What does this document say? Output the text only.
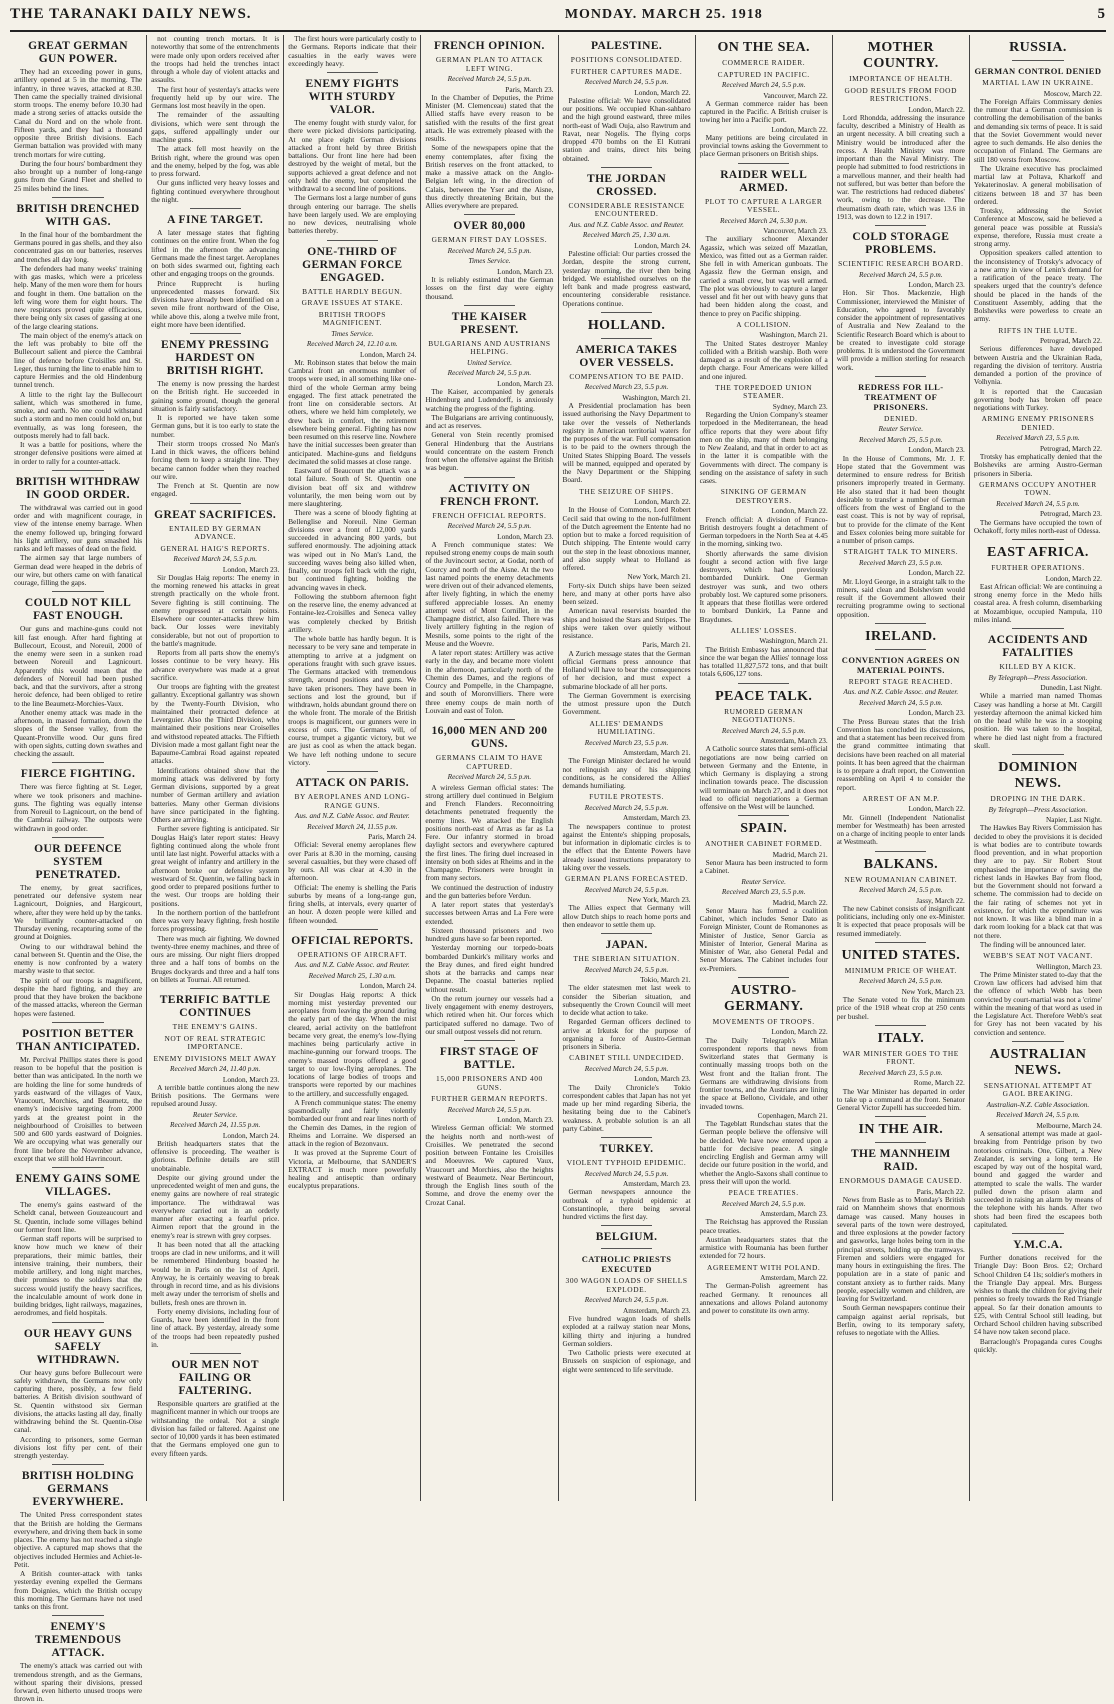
THE TARANAKI DAILY NEWS.	MONDAY. MARCH 25. 1918	5
GREAT GERMAN GUN POWER.

They had an exceeding power in guns, artillery opened at 5 in the morning. The infantry, in three waves, attacked at 8.30. Then came the specially trained divisional storm troops. The enemy before 10.30 had made a strong series of attacks outside the Canal du Nord and on the whole front. Fifteen yards, and they had a thousand opposite three British divisions. Each German battalion was provided with many trench mortars for wire cutting.

During the four hours' bombardment they also brought up a number of long-range guns from the Grand Fleet and shelled to 25 miles behind the lines.

BRITISH DRENCHED WITH GAS.

In the final hour of the bombardment the Germans poured in gas shells, and they also concentrated gas on our batteries, reserves and trenches all day long.

The defenders had many weeks' training with gas masks, which were a priceless help. Many of the men wore them for hours and fought in them. One battalion on the left wing wore them for eight hours. The new respirators proved quite efficacious, there being only six cases of gassing at one of the large clearing stations.

The main object of the enemy's attack on the left was probably to bite off the Bullecourt salient and pierce the Cambrai line of defence before Croisilles and St. Leger, thus turning the line to enable him to capture Hermies and the old Hindenburg tunnel trench.

A little to the right lay the Bullecourt salient, which was smothered in fume, smoke, and earth. No one could withstand such a storm and no men could hold on, but eventually, as was long foreseen, the outposts merely had to fall back.

It was a battle for positions, where the stronger defensive positions were aimed at in order to rally for a counter-attack.

BRITISH WITHDRAW IN GOOD ORDER.

The withdrawal was carried out in good order and with magnificent courage, in view of the intense enemy barrage. When the enemy followed up, bringing forward his light artillery, our guns smashed his ranks and left masses of dead on the field.

The airmen say that large numbers of German dead were heaped in the debris of our wire, but others came on with fanatical courage, filling the gaps.

COULD NOT KILL FAST ENOUGH.

Our guns and machine-guns could not kill fast enough. After hard fighting at Bullecourt, Ecoust, and Noreuil, 2000 of the enemy were seen in a sunken road between Noreuil and Lagnicourt. Apparently this would mean that the defenders of Noreuil had been pushed back, and that the survivors, after a strong heroic defence, had been obliged to retire to the line Beaumetz-Morchies-Vaux.

Another enemy attack was made in the afternoon, in massed formation, down the slopes of the Sensee valley, from the Queant-Pronville wood. Our guns fired with open sights, cutting down swathes and checking the assault.

FIERCE FIGHTING.

There was fierce fighting at St. Leger, where we took prisoners and machine-guns. The fighting was equally intense from Noreuil to Lagnicourt, on the bend of the Cambrai railway. The outposts were withdrawn in good order.

OUR DEFENCE SYSTEM PENETRATED.

The enemy, by great sacrifices, penetrated our defensive system near Lagnicourt, Doignies, and Hargicourt, where, after they were held up by the tanks. We brilliantly counter-attacked on Thursday evening, recapturing some of the ground at Doignies.

Owing to our withdrawal behind the canal between St. Quentin and the Oise, the enemy is now confronted by a watery marshy waste to that sector.

The spirit of our troops is magnificent, despite the hard fighting, and they are proud that they have broken the backbone of the massed attacks, whereon the German hopes were fastened.

POSITION BETTER THAN ANTICIPATED.

Mr. Percival Phillips states there is good reason to be hopeful that the position is better than was anticipated. In the north we are holding the line for some hundreds of yards eastward of the villages of Vaux, Vraucourt, Morchies, and Beaumetz, the enemy's indecisive targeting from 2000 yards at the greatest point in the neighbourhood of Croisilles to between 500 and 600 yards eastward of Doignies. We are occupying what was generally our front line before the November advance, except that we still hold Havrincourt.

ENEMY GAINS SOME VILLAGES.

The enemy's gains eastward of the Scheldt canal, between Gouzeaucourt and St. Quentin, include some villages behind our former front line.

German staff reports will be surprised to know how much we knew of their preparations, their mimic battles, their intensive training, their numbers, their mobile artillery, and long night marches, their promises to the soldiers that the success would justify the heavy sacrifices, the incalculable amount of work done in building bridges, light railways, magazines, aerodromes, and field hospitals.

OUR HEAVY GUNS SAFELY WITHDRAWN.

Our heavy guns before Bullecourt were safely withdrawn, the Germans now only capturing there, possibly, a few field batteries. A British division southward of St. Quentin withstood six German divisions, the attacks lasting all day, finally withdrawing behind the St. Quentin-Oise canal.

According to prisoners, some German divisions lost fifty per cent. of their strength yesterday.

BRITISH HOLDING GERMANS EVERYWHERE.

The United Press correspondent states that the British are holding the Germans everywhere, and driving them back in some places. The enemy has not reached a single objective. A captured map shows that the objectives included Hermies and Achiet-le-Petit.

A British counter-attack with tanks yesterday evening expelled the Germans from Doignies, which the British occupy this morning. The Germans have not used tanks on this front.

ENEMY'S TREMENDOUS ATTACK.

The enemy's attack was carried out with tremendous strength, and as the Germans, without sparing their divisions, pressed forward, even hitherto unused troops were thrown in.

not counting trench mortars. It is noteworthy that some of the entrenchments were made only upon orders received after the troops had held the trenches intact through a whole day of violent attacks and assaults.

The first hour of yesterday's attacks were frequently held up by our wire. The Germans lost most heavily in the open.

The remainder of the assaulting divisions, which were sent through the gaps, suffered appallingly under our machine guns.

The attack fell most heavily on the British right, where the ground was open and the enemy, helped by the fog, was able to press forward.

Our guns inflicted very heavy losses and fighting continued everywhere throughout the night.

A FINE TARGET.

A later message states that fighting continues on the entire front. When the fog lifted in the afternoon the advancing Germans made the finest target. Aeroplanes on both sides swarmed out, fighting each other and engaging troops on the grounds.

Prince Rupprecht is hurling unprecedented masses forward. Six divisions have already been identified on a seven mile front northward of the Oise, while above this, along a twelve mile front, eight more have been identified.

ENEMY PRESSING HARDEST ON BRITISH RIGHT.

The enemy is now pressing the hardest on the British right. He succeeded in gaining some ground, though the general situation is fairly satisfactory.

It is reported we have taken some German guns, but it is too early to state the number.

Their storm troops crossed No Man's Land in thick waves, the officers behind forcing them to keep a straight line. They became cannon fodder when they reached our wire.

The French at St. Quentin are now engaged.

GREAT SACRIFICES.
ENTAILED BY GERMAN ADVANCE.
GENERAL HAIG'S REPORTS.
Received March 24, 5.5 p.m.
London, March 23.

Sir Douglas Haig reports: The enemy in the morning renewed his attacks in great strength practically on the whole front. Severe fighting is still continuing. The enemy progressed at certain points. Elsewhere our counter-attacks threw him back. Our losses were inevitably considerable, but not out of proportion to the battle's magnitude.

Reports from all parts show the enemy's losses continue to be very heavy. His advance everywhere was made at a great sacrifice.

Our troops are fighting with the greatest gallantry. Exceptional gallantry was shown by the Twenty-Fourth Division, who maintained their protracted defence at Leverguier. Also the Third Division, who maintained their positions near Croiselles and withstood repeated attacks. The Fiftieth Division made a most gallant fight near the Bapaume-Cambrai Road against repeated attacks.

Identifications obtained show that the morning attack was delivered by forty German divisions, supported by a great number of German artillery and aviation batteries. Many other German divisions have since participated in the fighting. Others are arriving.

Further severe fighting is anticipated. Sir Douglas Haig's later report states: Heavy fighting continued along the whole front until late last night. Powerful attacks with a great weight of infantry and artillery in the afternoon broke our defensive system westward of St. Quentin, we falling back in good order to prepared positions further to the west. Our troops are holding their positions.

In the northern portion of the battlefront there was very heavy fighting, fresh hostile forces progressing.

There was much air fighting. We downed twenty-three enemy machines, and three of ours are missing. Our night fliers dropped three and a half tons of bombs on the Bruges dockyards and three and a half tons on billets at Tournai. All returned.

TERRIFIC BATTLE CONTINUES
THE ENEMY'S GAINS.
NOT OF REAL STRATEGIC IMPORTANCE.
ENEMY DIVISIONS MELT AWAY
Received March 24, 11.40 p.m.
London, March 23.

A terrible battle continues along the new British positions. The Germans were repulsed around Jussy.

Reuter Service.
Received March 24, 11.55 p.m.
London, March 24.

British headquarters states that the offensive is proceeding. The weather is glorious. Definite details are still unobtainable.

Despite our giving ground under the unprecedented weight of men and guns, the enemy gains are nowhere of real strategic importance. The withdrawal was everywhere carried out in an orderly manner after exacting a fearful price. Airmen report that the ground in the enemy's rear is strewn with grey corpses.

It has been noted that all the attacking troops are clad in new uniforms, and it will be remembered Hindenburg boasted he would be in Paris on the 1st of April. Anyway, he is certainly weaving to break through in record time, and as his divisions melt away under the terrorism of shells and bullets, fresh ones are thrown in.

Forty enemy divisions, including four of Guards, have been identified in the front line of attack. By yesterday, already some of the troops had been repeatedly pushed in.

OUR MEN NOT FAILING OR FALTERING.

Responsible quarters are gratified at the magnificent manner in which our troops are withstanding the ordeal. Not a single division has failed or faltered. Against one sector of 10,000 yards it has been estimated that the Germans employed one gun to every fifteen yards.

The first hours were particularly costly to the Germans. Reports indicate that their casualties in the early waves were exceedingly heavy.

ENEMY FIGHTS WITH STURDY VALOR.

The enemy fought with sturdy valor, for there were picked divisions participating. At one place eight German divisions attacked a front held by three British battalions. Our front line here had been destroyed by the weight of metal, but the supports achieved a great defence and not only held the enemy, but completed the withdrawal to a second line of positions.

The Germans lost a large number of guns through entering our barrage. The shells have been largely used. We are employing no new devices, neutralising whole batteries thereby.

ONE-THIRD OF GERMAN FORCE ENGAGED.
BATTLE HARDLY BEGUN.
GRAVE ISSUES AT STAKE.
BRITISH TROOPS MAGNIFICENT.
Times Service.
Received March 24, 12.10 a.m.
London, March 24.

Mr. Robinson states that below the main Cambrai front an enormous number of troops were used, in all something like one-third of the whole German army being engaged. The first attack penetrated the front line on considerable sectors. At others, where we held him completely, we drew back in comfort, the retirement elsewhere being general. Fighting has now been resumed on this reserve line. Nowhere have the initial successes been greater than anticipated. Machine-guns and fieldguns decimated the solid masses at close range.

Eastward of Beaucourt the attack was a total failure. South of St. Quentin one division beat off six and withdrew voluntarily, the men being worn out by mere slaughtering.

There was a scene of bloody fighting at Bellenglise and Noreuil. Nine German divisions over a front of 12,000 yards succeeded in advancing 800 yards, but suffered enormously. The adjoining attack was wiped out in No Man's Land, the succeeding waves being also killed when, finally, our troops fell back with the right, but continued fighting, holding the advancing waves in check.

Following the stubborn afternoon fight on the reserve line, the enemy advanced at Fontaine-lez-Croisilles and Seneca valley was completely checked by British artillery.

The whole battle has hardly begun. It is necessary to be very sane and temperate in attempting to arrive at a judgment on operations fraught with such grave issues. The Germans attacked with tremendous strength, around positions and guns. We have taken prisoners. They have been in sections and lost the ground, but if withdrawn, holds abundant ground there on the whole front. The morale of the British troops is magnificent, our gunners were in excess of ours. The Germans will, of course, trumpet a gigantic victory, but we are just as cool as when the attack began. We have left nothing undone to secure victory.

ATTACK ON PARIS.
BY AEROPLANES AND LONG-RANGE GUNS.
Aus. and N.Z. Cable Assoc. and Reuter.
Received March 24, 11.55 p.m.
Paris, March 24.

Official: Several enemy aeroplanes flew over Paris at 8.30 in the morning, causing several casualties, but they were chased off by ours. All was clear at 4.30 in the afternoon.

Official: The enemy is shelling the Paris suburbs by means of a long-range gun, firing shells, at intervals, every quarter of an hour. A dozen people were killed and fifteen wounded.

OFFICIAL REPORTS.
OPERATIONS OF AIRCRAFT.
Aus. and N.Z. Cable Assoc. and Reuter.
Received March 25, 1.30 a.m.
London, March 24.

Sir Douglas Haig reports: A thick morning mist yesterday prevented our aeroplanes from leaving the ground during the early part of the day. When the mist cleared, aerial activity on the battlefront became very great, the enemy's low-flying machines being particularly active in machine-gunning our forward troops. The enemy's massed troops offered a good target to our low-flying aeroplanes. The locations of large bodies of troops and transports were reported by our machines to the artillery, and successfully engaged.

A French communique states: The enemy spasmodically and fairly violently bombarded our front and rear lines north of the Chemin des Dames, in the region of Rheims and Lorraine. We dispersed an attack in the region of Bezonvaux.

It was proved at the Supreme Court of Victoria, at Melbourne, that SANDER'S EXTRACT is much more powerfully healing and antiseptic than ordinary eucalyptus preparations.

FRENCH OPINION.
GERMAN PLAN TO ATTACK LEFT WING.
Received March 24, 5.5 p.m.
Paris, March 23.

In the Chamber of Deputies, the Prime Minister (M. Clemenceau) stated that the Allied staffs have every reason to be satisfied with the results of the first great attack. He was extremely pleased with the results.

Some of the newspapers opine that the enemy contemplates, after fixing the British reserves on the front attacked, to make a massive attack on the Anglo-Belgian left wing, in the direction of Calais, between the Yser and the Aisne, thus directly threatening Britain, but the Allies everywhere are prepared.

OVER 80,000
GERMAN FIRST DAY LOSSES.
Received March 24, 5.5 p.m.
Times Service.
London, March 23.

It is reliably estimated that the German losses on the first day were eighty thousand.

THE KAISER PRESENT.
BULGARIANS AND AUSTRIANS HELPING.
United Service.
Received March 24, 5.5 p.m.
London, March 23.

The Kaiser, accompanied by generals Hindenburg and Ludendorff, is anxiously watching the progress of the fighting.

The Bulgarians are arriving continuously, and act as reserves.

General von Stein recently promised General Hindenburg that the Austrians would concentrate on the eastern French front when the offensive against the British was begun.

ACTIVITY ON FRENCH FRONT.
FRENCH OFFICIAL REPORTS.
Received March 24, 5.5 p.m.
London, March 23.

A French communique states: We repulsed strong enemy coups de main south of the Juvincourt sector, at Godat, north of Courcy and north of the Aisne. At the two last named points the enemy detachments were driven out of their advanced elements, after lively fighting, in which the enemy suffered appreciable losses. An enemy attempt west of Mont Cornillet, in the Champagne district, also failed. There was lively artillery fighting in the region of Mesnils, some points to the right of the Meuse and the Woevre.

A later report states: Artillery was active early in the day, and became more violent in the afternoon, particularly north of the Chemin des Dames, and the regions of Courcy and Pompelle, in the Champagne, and south of Moronvilliers. There were three enemy coups de main north of Louvain and east of Tolon.

16,000 MEN AND 200 GUNS.
GERMANS CLAIM TO HAVE CAPTURED.
Received March 24, 5.5 p.m.

A wireless German official states: The strong artillery duel continued in Belgium and French Flanders. Reconnoitring detachments penetrated frequently the enemy lines. We attacked the English positions north-east of Arras as far as La Fere. Our infantry stormed in broad daylight sectors and everywhere captured the first lines. The firing duel increased in intensity on both sides at Rheims and in the Champagne. Prisoners were brought in from many sectors.

We continued the destruction of industry and the gun batteries before Verdun.

A later report states that yesterday's successes between Arras and La Fere were extended.

Sixteen thousand prisoners and two hundred guns have so far been reported.

Yesterday morning our torpedo-boats bombarded Dunkirk's military works and the Bray dunes, and fired eight hundred shots at the barracks and camps near Depanne. The coastal batteries replied without result.

On the return journey our vessels had a lively engagement with enemy destroyers, which retired when hit. Our forces which participated suffered no damage. Two of our small outpost vessels did not return.

FIRST STAGE OF BATTLE.
15,000 PRISONERS AND 400 GUNS.
FURTHER GERMAN REPORTS.
Received March 24, 5.5 p.m.
London, March 23.

Wireless German official: We stormed the heights north and north-west of Croisilles. We penetrated the second position between Fontaine les Croisilles and Moeuvres. We captured Vaux, Vraucourt and Morchies, also the heights westward of Beaumetz. Near Bertincourt, through the English lines south of the Somme, and drove the enemy over the Crozat Canal.

PALESTINE.
POSITIONS CONSOLIDATED.
FURTHER CAPTURES MADE.
Received March 24, 5.5 p.m.
London, March 22.

Palestine official: We have consolidated our positions. We occupied Khan-sahbaro and the high ground eastward, three miles north-east of Wadi Ouja, also Rawtrum and Ravat, near Nogelis. The flying corps dropped 470 bombs on the El Kutrani station and trains, direct hits being obtained.

THE JORDAN CROSSED.
CONSIDERABLE RESISTANCE ENCOUNTERED.
Aus. and N.Z. Cable Assoc. and Reuter.
Received March 25, 1.30 a.m.
London, March 24.

Palestine official: Our parties crossed the Jordan, despite the strong current, yesterday morning, the river then being bridged. We established ourselves on the left bank and made progress eastward, encountering considerable resistance. Operations continue.

HOLLAND.
AMERICA TAKES OVER VESSELS.
COMPENSATION TO BE PAID.
Received March 23, 5.5 p.m.
Washington, March 21.

A Presidential proclamation has been issued authorising the Navy Department to take over the vessels of Netherlands registry in American territorial waters for the purposes of the war. Full compensation is to be paid to the owners through the United States Shipping Board. The vessels will be manned, equipped and operated by the Navy Department or the Shipping Board.

THE SEIZURE OF SHIPS.
London, March 22.

In the House of Commons, Lord Robert Cecil said that owing to the non-fulfilment of the Dutch agreement the Entente had no option but to make a forced requisition of Dutch shipping. The Entente would carry out the step in the least obnoxious manner, and also supply wheat to Holland as offered.

New York, March 21.

Forty-six Dutch ships have been seized here, and many at other ports have also been seized.

American naval reservists boarded the ships and hoisted the Stars and Stripes. The ships were taken over quietly without resistance.

Paris, March 21.

A Zurich message states that the German official Germans press announce that Holland will have to bear the consequences of her decision, and must expect a submarine blockade of all her ports.

The German Government is exercising the utmost pressure upon the Dutch Government.

ALLIES' DEMANDS HUMILIATING.
Received March 23, 5.5 p.m.
Amsterdam, March 21.

The Foreign Minister declared he would not relinquish any of his shipping conditions, as he considered the Allies' demands humiliating.

FUTILE PROTESTS.
Received March 24, 5.5 p.m.
Amsterdam, March 23.

The newspapers continue to protest against the Entente's shipping proposals, but information in diplomatic circles is to the effect that the Entente Powers have already issued instructions preparatory to taking over the vessels.

GERMAN PLANS FORECASTED.
Received March 24, 5.5 p.m.
New York, March 23.

The Allies expect that Germany will allow Dutch ships to reach home ports and then endeavor to settle them up.

JAPAN.
THE SIBERIAN SITUATION.
Received March 24, 5.5 p.m.
Tokio, March 21.

The elder statesmen met last week to consider the Siberian situation, and subsequently the Crown Council will meet to decide what action to take.

Regarded German officers declined to arrive at Irkutsk for the purpose of organising a force of Austro-German prisoners in Siberia.

CABINET STILL UNDECIDED.
Received March 24, 5.5 p.m.
London, March 23.

The Daily Chronicle's Tokio correspondent cables that Japan has not yet made up her mind regarding Siberia, the hesitating being due to the Cabinet's weakness. A probable solution is an all party Cabinet.

TURKEY.
VIOLENT TYPHOID EPIDEMIC.
Received March 24, 5.5 p.m.
Amsterdam, March 23.

German newspapers announce the outbreak of a typhoid epidemic at Constantinople, there being several hundred victims the first day.

BELGIUM.
CATHOLIC PRIESTS EXECUTED
300 WAGON LOADS OF SHELLS EXPLODE.
Received March 24, 5.5 p.m.
Amsterdam, March 23.

Five hundred wagon loads of shells exploded at a railway station near Mons, killing thirty and injuring a hundred German soldiers.

Two Catholic priests were executed at Brussels on suspicion of espionage, and eight were sentenced to life servitude.

ON THE SEA.
COMMERCE RAIDER.
CAPTURED IN PACIFIC.
Received March 24, 5.5 p.m.
Vancouver, March 22.

A German commerce raider has been captured in the Pacific. A British cruiser is towing her into a Pacific port.

London, March 22.

Many petitions are being circulated in provincial towns asking the Government to place German prisoners on British ships.

RAIDER WELL ARMED.
PLOT TO CAPTURE A LARGER VESSEL.
Received March 24, 5.30 p.m.
Vancouver, March 23.

The auxiliary schooner Alexander Agassiz, which was seized off Mazatlan, Mexico, was fitted out as a German raider. She fell in with American gunboats. The Agassiz flew the German ensign, and carried a small crew, but was well armed. The plot was obviously to capture a larger vessel and fit her out with heavy guns that had been hidden along the coast, and thence to prey on Pacific shipping.

A COLLISION.
Washington, March 21.

The United States destroyer Manley collided with a British warship. Both were damaged as a result of the explosion of a depth charge. Four Americans were killed and one injured.

THE TORPEDOED UNION STEAMER.
Sydney, March 23.

Regarding the Union Company's steamer torpedoed in the Mediterranean, the head office reports that they were about fifty men on the ship, many of them belonging to New Zealand, and that in order to act as in the latter it is compatible with the Governments with direct. The company is sending on the assistance of safety in such cases.

SINKING OF GERMAN DESTROYERS.
London, March 22.

French official: A division of Franco-British destroyers fought a detachment of German torpedoers in the North Sea at 4.45 in the morning, sinking two.

Shortly afterwards the same division fought a second action with five large destroyers, which had previously bombarded Dunkirk. One German destroyer was sunk, and two others probably lost. We captured some prisoners. It appears that these flotillas were ordered to bombard Dunkirk, La Panne and Braydunes.

ALLIES' LOSSES.
Washington, March 21.

The British Embassy has announced that since the war began the Allies' tonnage loss has totalled 11,827,572 tons, and that built totals 6,606,127 tons.

PEACE TALK.
RUMORED GERMAN NEGOTIATIONS.
Received March 24, 5.5 p.m.
Amsterdam, March 23.

A Catholic source states that semi-official negotiations are now being carried on between Germany and the Entente, in which Germany is displaying a strong inclination towards peace. The discussion will terminate on March 27, and it does not lead to official negotiations a German offensive on the West will be launched.

SPAIN.
ANOTHER CABINET FORMED.
Madrid, March 21.

Senor Maura has been instructed to form a Cabinet.

Reuter Service.
Received March 23, 5.5 p.m.
Madrid, March 22.

Senor Maura has formed a coalition Cabinet, which includes Senor Dato as Foreign Minister, Count de Romanones as Minister of Justice, Senor Garcia as Minister of Interior, General Marina as Minister of War, also General Pedal and Senor Moraes. The Cabinet includes four ex-Premiers.

AUSTRO-GERMANY.
MOVEMENTS OF TROOPS.
London, March 22.

The Daily Telegraph's Milan correspondent reports that news from Switzerland states that Germany is continually massing troops both on the West front and the Italian front. The Germans are withdrawing divisions from frontier towns, and the Austrians are lining the space at Bellono, Cividale, and other invaded towns.

Copenhagen, March 21.

The Tageblatt Rundschau states that the German people believe the offensive will be decided. We have now entered upon a battle for decisive peace. A single encircling English and German army will decide our future position in the world, and whether the Anglo-Saxons shall continue to press their will upon the world.

PEACE TREATIES.
Received March 24, 5.5 p.m.
Amsterdam, March 23.

The Reichstag has approved the Russian peace treaties.

Austrian headquarters states that the armistice with Roumania has been further extended for 72 hours.

AGREEMENT WITH POLAND.
Amsterdam, March 22.

The German-Polish agreement has reached Germany. It renounces all annexations and allows Poland autonomy and power to constitute its own army.

MOTHER COUNTRY.
IMPORTANCE OF HEALTH.
GOOD RESULTS FROM FOOD RESTRICTIONS.
London, March 22.

Lord Rhondda, addressing the insurance faculty, described a Ministry of Health as an urgent necessity. A bill creating such a Ministry would be introduced after the recess. A Health Ministry was more important than the Naval Ministry. The people had submitted to food restrictions in a marvellous manner, and their health had not suffered, but was better than before the war. The restrictions had reduced diabetes' work, owing to the decrease. The rheumatism death rate, which was 13.6 in 1913, was down to 12.2 in 1917.

COLD STORAGE PROBLEMS.
SCIENTIFIC RESEARCH BOARD.
Received March 24, 5.5 p.m.
London, March 23.

Hon. Sir Thos. Mackenzie, High Commissioner, interviewed the Minister of Education, who agreed to favorably consider the appointment of representatives of Australia and New Zealand to the Scientific Research Board which is about to be created to investigate cold storage problems. It is understood the Government will provide a million sterling for research work.

REDRESS FOR ILL-TREATMENT OF PRISONERS.
DENIED.
Reuter Service.
Received March 25, 5.5 p.m.
London, March 23.

In the House of Commons, Mr. J. F. Hope stated that the Government was determined to ensure redress for British prisoners improperly treated in Germany. He also stated that it had been thought desirable to transfer a number of German officers from the west of England to the east coast. This is not by way of reprisal, but to provide for the climate of the Kent and Essex colonies being more suitable for a number of prison camps.

STRAIGHT TALK TO MINERS.
Received March 23, 5.5 p.m.
London, March 22.

Mr. Lloyd George, in a straight talk to the miners, said clean and Bolshevism would result if the Government allowed their recruiting programme owing to sectional opposition.

IRELAND.
CONVENTION AGREES ON MATERIAL POINTS.
REPORT STAGE REACHED.
Aus. and N.Z. Cable Assoc. and Reuter.
Received March 24, 5.5 p.m.
London, March 23.

The Press Bureau states that the Irish Convention has concluded its discussions, and that a statement has been received from the grand committee intimating that decisions have been reached on all material points. It has been agreed that the chairman is to prepare a draft report, the Convention reassembling on April 4 to consider the report.

ARREST OF AN M.P.
London, March 22.

Mr. Ginnell (Independent Nationalist member for Westmeath) has been arrested on a charge of inciting people to enter lands at Westmeath.

BALKANS.
NEW ROUMANIAN CABINET.
Received March 24, 5.5 p.m.
Jassy, March 22.

The new Cabinet consists of insignificant politicians, including only one ex-Minister. It is expected that peace proposals will be resumed immediately.

UNITED STATES.
MINIMUM PRICE OF WHEAT.
Received March 24, 5.5 p.m.
New York, March 23.

The Senate voted to fix the minimum price of the 1918 wheat crop at 250 cents per bushel.

ITALY.
WAR MINISTER GOES TO THE FRONT.
Received March 23, 5.5 p.m.
Rome, March 22.

The War Minister has departed in order to take up a command at the front. Senator General Victor Zupelli has succeeded him.

IN THE AIR.
THE MANNHEIM RAID.
ENORMOUS DAMAGE CAUSED.
Paris, March 22.

News from Basle as to Monday's British raid on Mannheim shows that enormous damage was caused. Many houses in several parts of the town were destroyed, and three explosions at the powder factory and gasworks, large holes being torn in the principal streets, holding up the tramways. Firemen and soldiers were engaged for many hours in extinguishing the fires. The population are in a state of panic and constant anxiety as to further raids. Many people, especially women and children, are leaving for Switzerland.

South German newspapers continue their campaign against aerial reprisals, but Berlin, owing to its temporary safety, refuses to negotiate with the Allies.

RUSSIA.
GERMAN CONTROL DENIED
MARTIAL LAW IN UKRAINE.
Moscow, March 22.

The Foreign Affairs Commissary denies the rumour that a German commission is controlling the demobilisation of the banks and demanding six terms of peace. It is said that the Soviet Government would never agree to such demands. He also denies the occupation of Finland. The Germans are still 180 versts from Moscow.

The Ukraine executive has proclaimed martial law at Poltava, Kharkoff and Yekaterinoslav. A general mobilisation of citizens between 18 and 37 has been ordered.

Trotsky, addressing the Soviet Conference at Moscow, said he believed a general peace was possible at Russia's expense, therefore, Russia must create a strong army.

Opposition speakers called attention to the inconsistency of Trotsky's advocacy of a new army in view of Lenin's demand for a ratification of the peace treaty. The speakers urged that the country's defence should be placed in the hands of the Constituent Assembly, adding that the Bolsheviks were powerless to create an army.

RIFTS IN THE LUTE.
Petrograd, March 22.

Serious differences have developed between Austria and the Ukrainian Rada, regarding the division of territory. Austria demanded a portion of the province of Volhynia.

It is reported that the Caucasian governing body has broken off peace negotiations with Turkey.

ARMING ENEMY PRISONERS DENIED.
Received March 23, 5.5 p.m.
Petrograd, March 22.

Trotsky has emphatically denied that the Bolsheviks are arming Austro-German prisoners in Siberia.

GERMANS OCCUPY ANOTHER TOWN.
Received March 24, 5.5 p.m.
Petrograd, March 23.

The Germans have occupied the town of Ochakoff, forty miles north-east of Odessa.

EAST AFRICA.
FURTHER OPERATIONS.
London, March 22.

East African official: We are continuing a strong enemy force in the Medo hills coastal area. A fresh column, disembarking at Mozambique, occupied Nampula, 110 miles inland.

ACCIDENTS AND FATALITIES
KILLED BY A KICK.
By Telegraph—Press Association.
Dunedin, Last Night.

While a married man named Thomas Casey was handling a horse at Mt. Cargill yesterday afternoon the animal kicked him on the head while he was in a stooping position. He was taken to the hospital, where he died last night from a fractured skull.

DOMINION NEWS.
DROPING IN THE DARK.
By Telegraph—Press Association.
Napier, Last Night.

The Hawkes Bay Rivers Commission has decided to obey the provisions it is decided is what bodies are to contribute towards flood prevention, and in what proportion they are to pay. Sir Robert Stout emphasised the importance of saving the richest lands in Hawkes Bay from flood, but the Government should not forward a scheme. The commission had to decide on the fair rating of schemes not yet in existence, for which the expenditure was not known. It was like a blind man in a dark room looking for a black cat that was not there.

The finding will be announced later.

WEBB'S SEAT NOT VACANT.
Wellington, March 23.

The Prime Minister stated to-day that the Crown law officers had advised him that the offence of which Webb has been convicted by court-martial was not a 'crime' within the meaning of that word as used in the Legislature Act. Therefore Webb's seat for Grey has not been vacated by his conviction and sentence.

AUSTRALIAN NEWS.
SENSATIONAL ATTEMPT AT GAOL BREAKING.
Australian-N.Z. Cable Association.
Received March 24, 5.5 p.m.
Melbourne, March 24.

A sensational attempt was made at gaol-breaking from Pentridge prison by two notorious criminals. One, Gilbert, a New Zealander, is serving a long term. He escaped by way out of the hospital ward, bound and gagged the warder and attempted to scale the walls. The warder pulled down the prison alarm and succeeded in raising an alarm by means of the telephone with his hands. After two shots had been fired the escapees both capitulated.

Y.M.C.A.

Further donations received for the Triangle Day: Boon Bros. £2; Orchard School Children £4 1ls; soldier's mothers in the Triangle Day appeal. Mrs. Burgess wishes to thank the children for giving their pennies so freely towards the Red Triangle appeal. So far their donation amounts to £25, with Central School still leading, but Orchard School children having subscribed £4 have now taken second place.

Barraclough's Propaganda cures Coughs quickly.
